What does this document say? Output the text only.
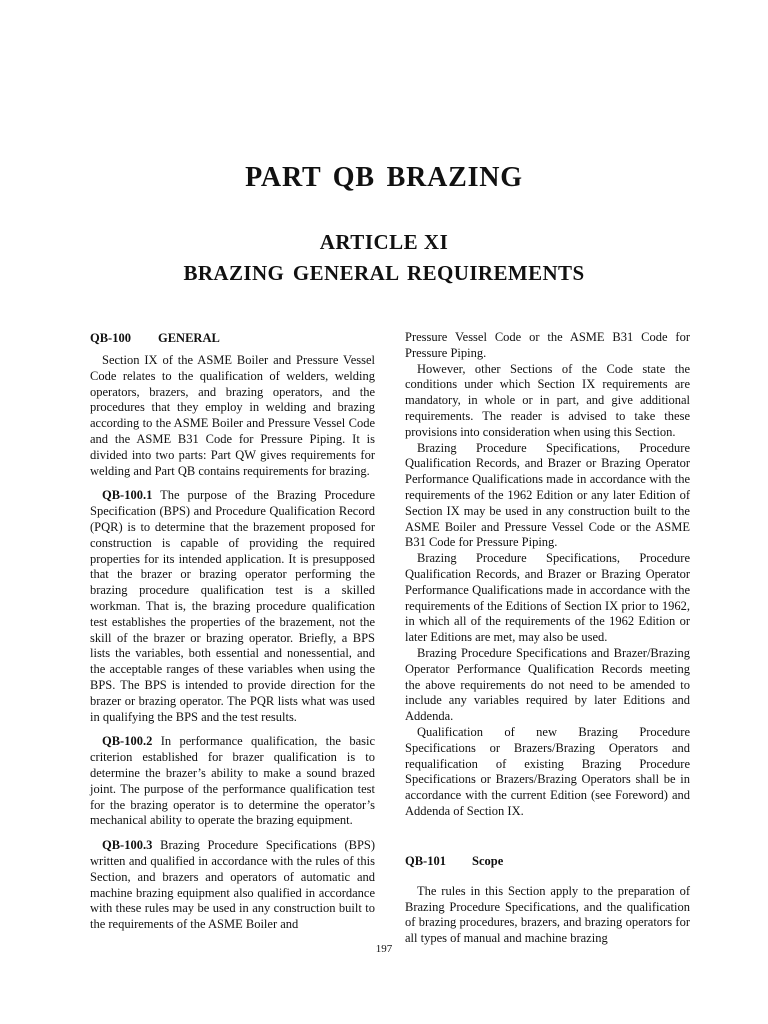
PART QB BRAZING
ARTICLE XI
BRAZING GENERAL REQUIREMENTS
QB-100 GENERAL

Section IX of the ASME Boiler and Pressure Vessel Code relates to the qualification of welders, welding operators, brazers, and brazing operators, and the procedures that they employ in welding and brazing according to the ASME Boiler and Pressure Vessel Code and the ASME B31 Code for Pressure Piping. It is divided into two parts: Part QW gives requirements for welding and Part QB contains requirements for brazing.

QB-100.1 The purpose of the Brazing Procedure Specification (BPS) and Procedure Qualification Record (PQR) is to determine that the brazement proposed for construction is capable of providing the required properties for its intended application. It is presupposed that the brazer or brazing operator performing the brazing procedure qualification test is a skilled workman. That is, the brazing procedure qualification test establishes the properties of the brazement, not the skill of the brazer or brazing operator. Briefly, a BPS lists the variables, both essential and nonessential, and the acceptable ranges of these variables when using the BPS. The BPS is intended to provide direction for the brazer or brazing operator. The PQR lists what was used in qualifying the BPS and the test results.

QB-100.2 In performance qualification, the basic criterion established for brazer qualification is to determine the brazer’s ability to make a sound brazed joint. The purpose of the performance qualification test for the brazing operator is to determine the operator’s mechanical ability to operate the brazing equipment.

QB-100.3 Brazing Procedure Specifications (BPS) written and qualified in accordance with the rules of this Section, and brazers and operators of automatic and machine brazing equipment also qualified in accordance with these rules may be used in any construction built to the requirements of the ASME Boiler and

Pressure Vessel Code or the ASME B31 Code for Pressure Piping.

However, other Sections of the Code state the conditions under which Section IX requirements are mandatory, in whole or in part, and give additional requirements. The reader is advised to take these provisions into consideration when using this Section.

Brazing Procedure Specifications, Procedure Qualification Records, and Brazer or Brazing Operator Performance Qualifications made in accordance with the requirements of the 1962 Edition or any later Edition of Section IX may be used in any construction built to the ASME Boiler and Pressure Vessel Code or the ASME B31 Code for Pressure Piping.

Brazing Procedure Specifications, Procedure Qualification Records, and Brazer or Brazing Operator Performance Qualifications made in accordance with the requirements of the Editions of Section IX prior to 1962, in which all of the requirements of the 1962 Edition or later Editions are met, may also be used.

Brazing Procedure Specifications and Brazer/Brazing Operator Performance Qualification Records meeting the above requirements do not need to be amended to include any variables required by later Editions and Addenda.

Qualification of new Brazing Procedure Specifications or Brazers/Brazing Operators and requalification of existing Brazing Procedure Specifications or Brazers/Brazing Operators shall be in accordance with the current Edition (see Foreword) and Addenda of Section IX.

QB-101 Scope

The rules in this Section apply to the preparation of Brazing Procedure Specifications, and the qualification of brazing procedures, brazers, and brazing operators for all types of manual and machine brazing

197
